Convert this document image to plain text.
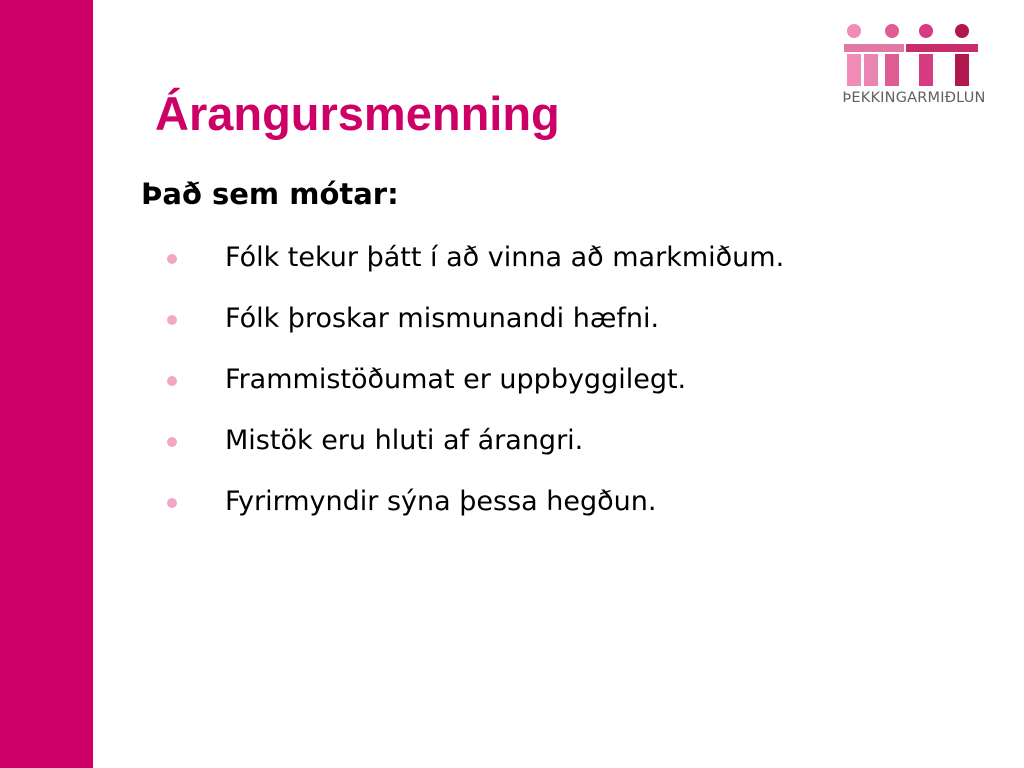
ÞEKKINGARMIÐLUN
Árangursmenning
Það sem mótar:
Fólk tekur þátt í að vinna að markmiðum.
Fólk þroskar mismunandi hæfni.
Frammistöðumat er uppbyggilegt.
Mistök eru hluti af árangri.
Fyrirmyndir sýna þessa hegðun.
